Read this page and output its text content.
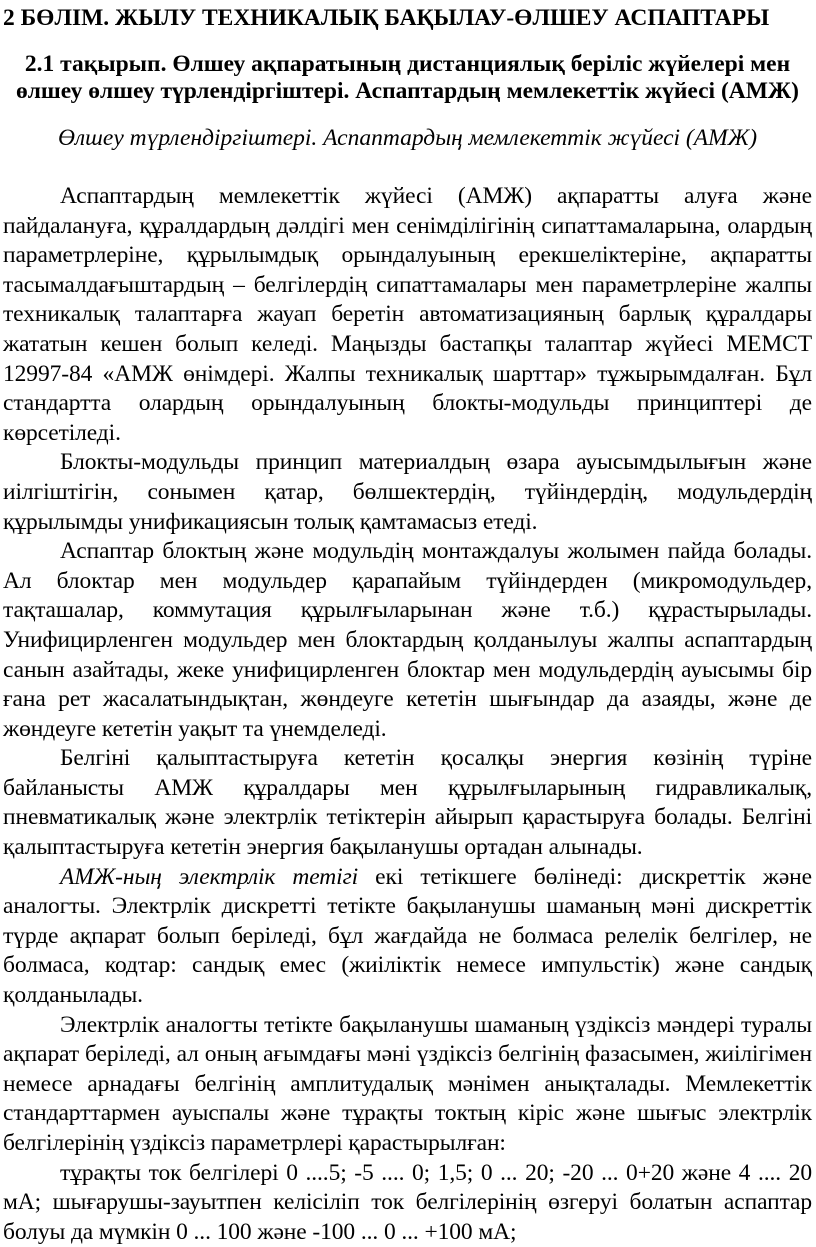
2 БӨЛІМ. ЖЫЛУ ТЕХНИКАЛЫҚ БАҚЫЛАУ-ӨЛШЕУ АСПАПТАРЫ
2.1 тақырып. Өлшеу ақпаратының дистанциялық беріліс жүйелері мен өлшеу өлшеу түрлендіргіштері. Аспаптардың мемлекеттік жүйесі (АМЖ)
Өлшеу түрлендіргіштері. Аспаптардың мемлекеттік жүйесі (АМЖ)

Аспаптардың мемлекеттік жүйесі (АМЖ) ақпаратты алуға және пайдалануға, құралдардың дәлдігі мен сенімділігінің сипаттамаларына, олардың параметрлеріне, құрылымдық орындалуының ерекшеліктеріне, ақпаратты тасымалдағыштардың – белгілердің сипаттамалары мен параметрлеріне жалпы техникалық талаптарға жауап беретін автоматизацияның барлық құралдары жататын кешен болып келеді. Маңызды бастапқы талаптар жүйесі МЕМСТ 12997-84 «АМЖ өнімдері. Жалпы техникалық шарттар» тұжырымдалған. Бұл стандартта олардың орындалуының блокты-модульды принциптері де көрсетіледі.

Блокты-модульды принцип материалдың өзара ауысымдылығын және иілгіштігін, сонымен қатар, бөлшектердің, түйіндердің, модульдердің құрылымды унификациясын толық қамтамасыз етеді.

Аспаптар блоктың және модульдің монтаждалуы жолымен пайда болады. Ал блоктар мен модульдер қарапайым түйіндерден (микромодульдер, тақташалар, коммутация құрылғыларынан және т.б.) құрастырылады. Унифицирленген модульдер мен блоктардың қолданылуы жалпы аспаптардың санын азайтады, жеке унифицирленген блоктар мен модульдердің ауысымы бір ғана рет жасалатындықтан, жөндеуге кететін шығындар да азаяды, және де жөндеуге кететін уақыт та үнемделеді.

Белгіні қалыптастыруға кететін қосалқы энергия көзінің түріне байланысты АМЖ құралдары мен құрылғыларының гидравликалық, пневматикалық және электрлік тетіктерін айырып қарастыруға болады. Белгіні қалыптастыруға кететін энергия бақыланушы ортадан алынады.

АМЖ-ның электрлік тетігі екі тетікшеге бөлінеді: дискреттік және аналогты. Электрлік дискретті тетікте бақыланушы шаманың мәні дискреттік түрде ақпарат болып беріледі, бұл жағдайда не болмаса релелік белгілер, не болмаса, кодтар: сандық емес (жиіліктік немесе импульстік) және сандық қолданылады.

Электрлік аналогты тетікте бақыланушы шаманың үздіксіз мәндері туралы ақпарат беріледі, ал оның ағымдағы мәні үздіксіз белгінің фазасымен, жиілігімен немесе арнадағы белгінің амплитудалық мәнімен анықталады. Мемлекеттік стандарттармен ауыспалы және тұрақты токтың кіріс және шығыс электрлік белгілерінің үздіксіз параметрлері қарастырылған:

тұрақты ток белгілері 0 ....5; -5 .... 0; 1,5; 0 ... 20; -20 ... 0+20 және 4 .... 20 мА; шығарушы-зауытпен келісіліп ток белгілерінің өзгеруі болатын аспаптар болуы да мүмкін 0 ... 100 және -100 ... 0 ... +100 мА;
